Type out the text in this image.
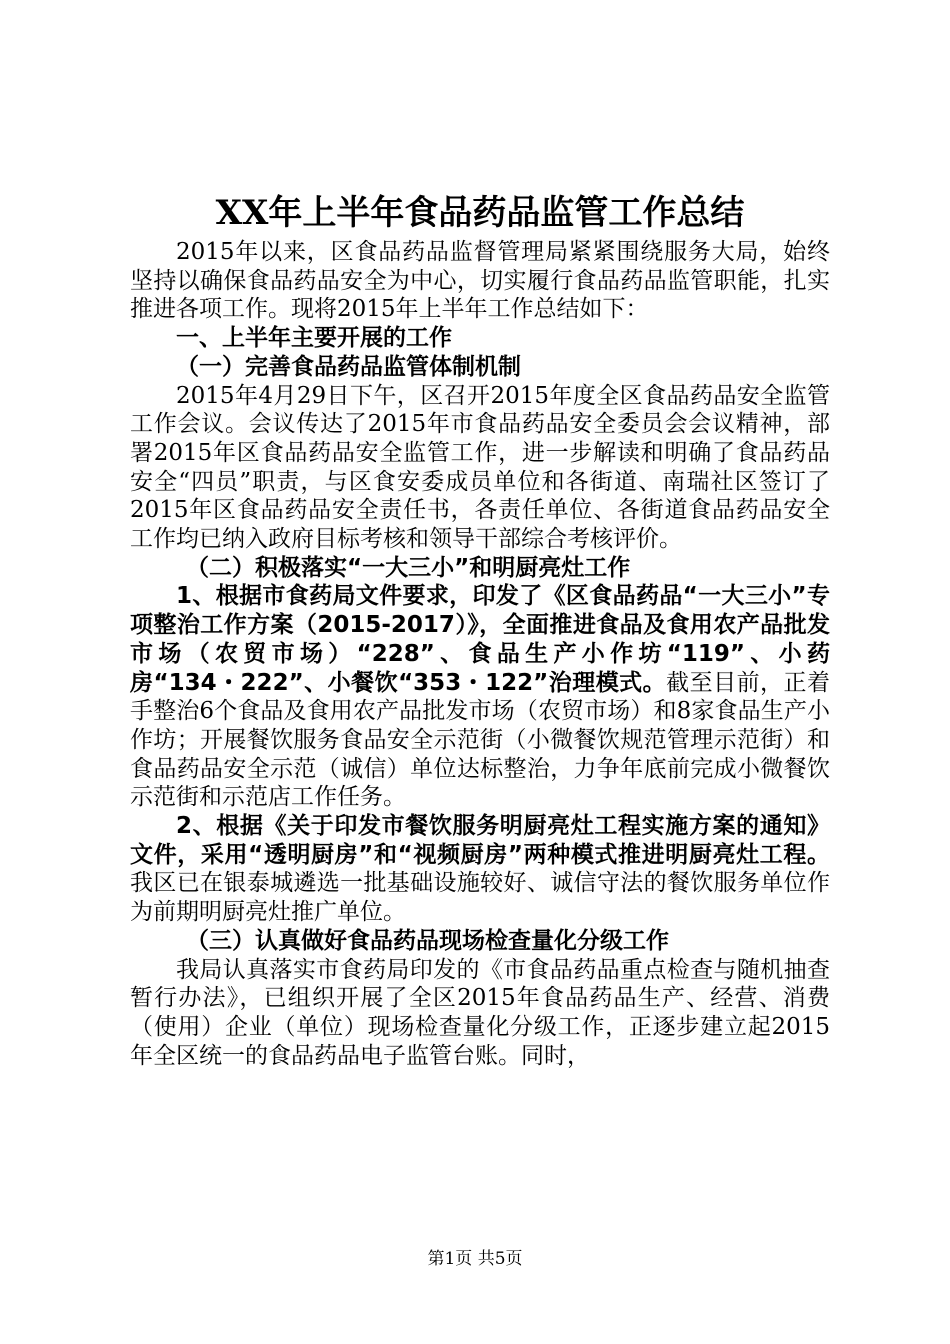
XX年上半年食品药品监管工作总结

2015年以来，区食品药品监督管理局紧紧围绕服务大局，始终坚持以确保食品药品安全为中心，切实履行食品药品监管职能，扎实推进各项工作。现将2015年上半年工作总结如下：

一、上半年主要开展的工作
（一）完善食品药品监管体制机制

2015年4月29日下午，区召开2015年度全区食品药品安全监管工作会议。会议传达了2015年市食品药品安全委员会会议精神，部署2015年区食品药品安全监管工作，进一步解读和明确了食品药品安全“四员”职责，与区食安委成员单位和各街道、南瑞社区签订了2015年区食品药品安全责任书，各责任单位、各街道食品药品安全工作均已纳入政府目标考核和领导干部综合考核评价。

（二）积极落实“一大三小”和明厨亮灶工作

1、根据市食药局文件要求，印发了《区食品药品“一大三小”专项整治工作方案（2015-2017）》，全面推进食品及食用农产品批发市场（农贸市场）“228”、食品生产小作坊“119”、小药房“134・222”、小餐饮“353・122”治理模式。截至目前，正着手整治6个食品及食用农产品批发市场（农贸市场）和8家食品生产小作坊；开展餐饮服务食品安全示范街（小微餐饮规范管理示范街）和食品药品安全示范（诚信）单位达标整治，力争年底前完成小微餐饮示范街和示范店工作任务。

2、根据《关于印发市餐饮服务明厨亮灶工程实施方案的通知》文件，采用“透明厨房”和“视频厨房”两种模式推进明厨亮灶工程。我区已在银泰城遴选一批基础设施较好、诚信守法的餐饮服务单位作为前期明厨亮灶推广单位。

（三）认真做好食品药品现场检查量化分级工作

我局认真落实市食药局印发的《市食品药品重点检查与随机抽查暂行办法》，已组织开展了全区2015年食品药品生产、经营、消费（使用）企业（单位）现场检查量化分级工作，正逐步建立起2015年全区统一的食品药品电子监管台账。同时，

第1页 共5页
